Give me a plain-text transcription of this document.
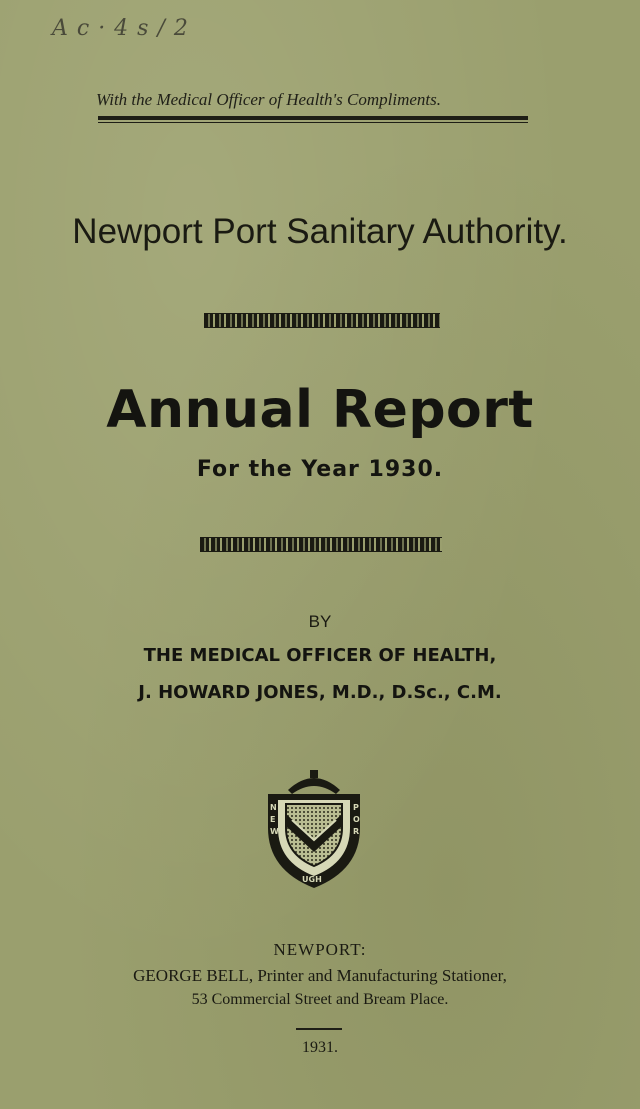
A c · 4 s / 2
With the Medical Officer of Health's Compliments.
Newport Port Sanitary Authority.
Annual Report
For the Year 1930.
BY
THE MEDICAL OFFICER OF HEALTH,
J. HOWARD JONES, M.D., D.Sc., C.M.
N
E
W
P
O
R
UGH
NEWPORT:
GEORGE BELL, Printer and Manufacturing Stationer,
53 Commercial Street and Bream Place.
1931.
